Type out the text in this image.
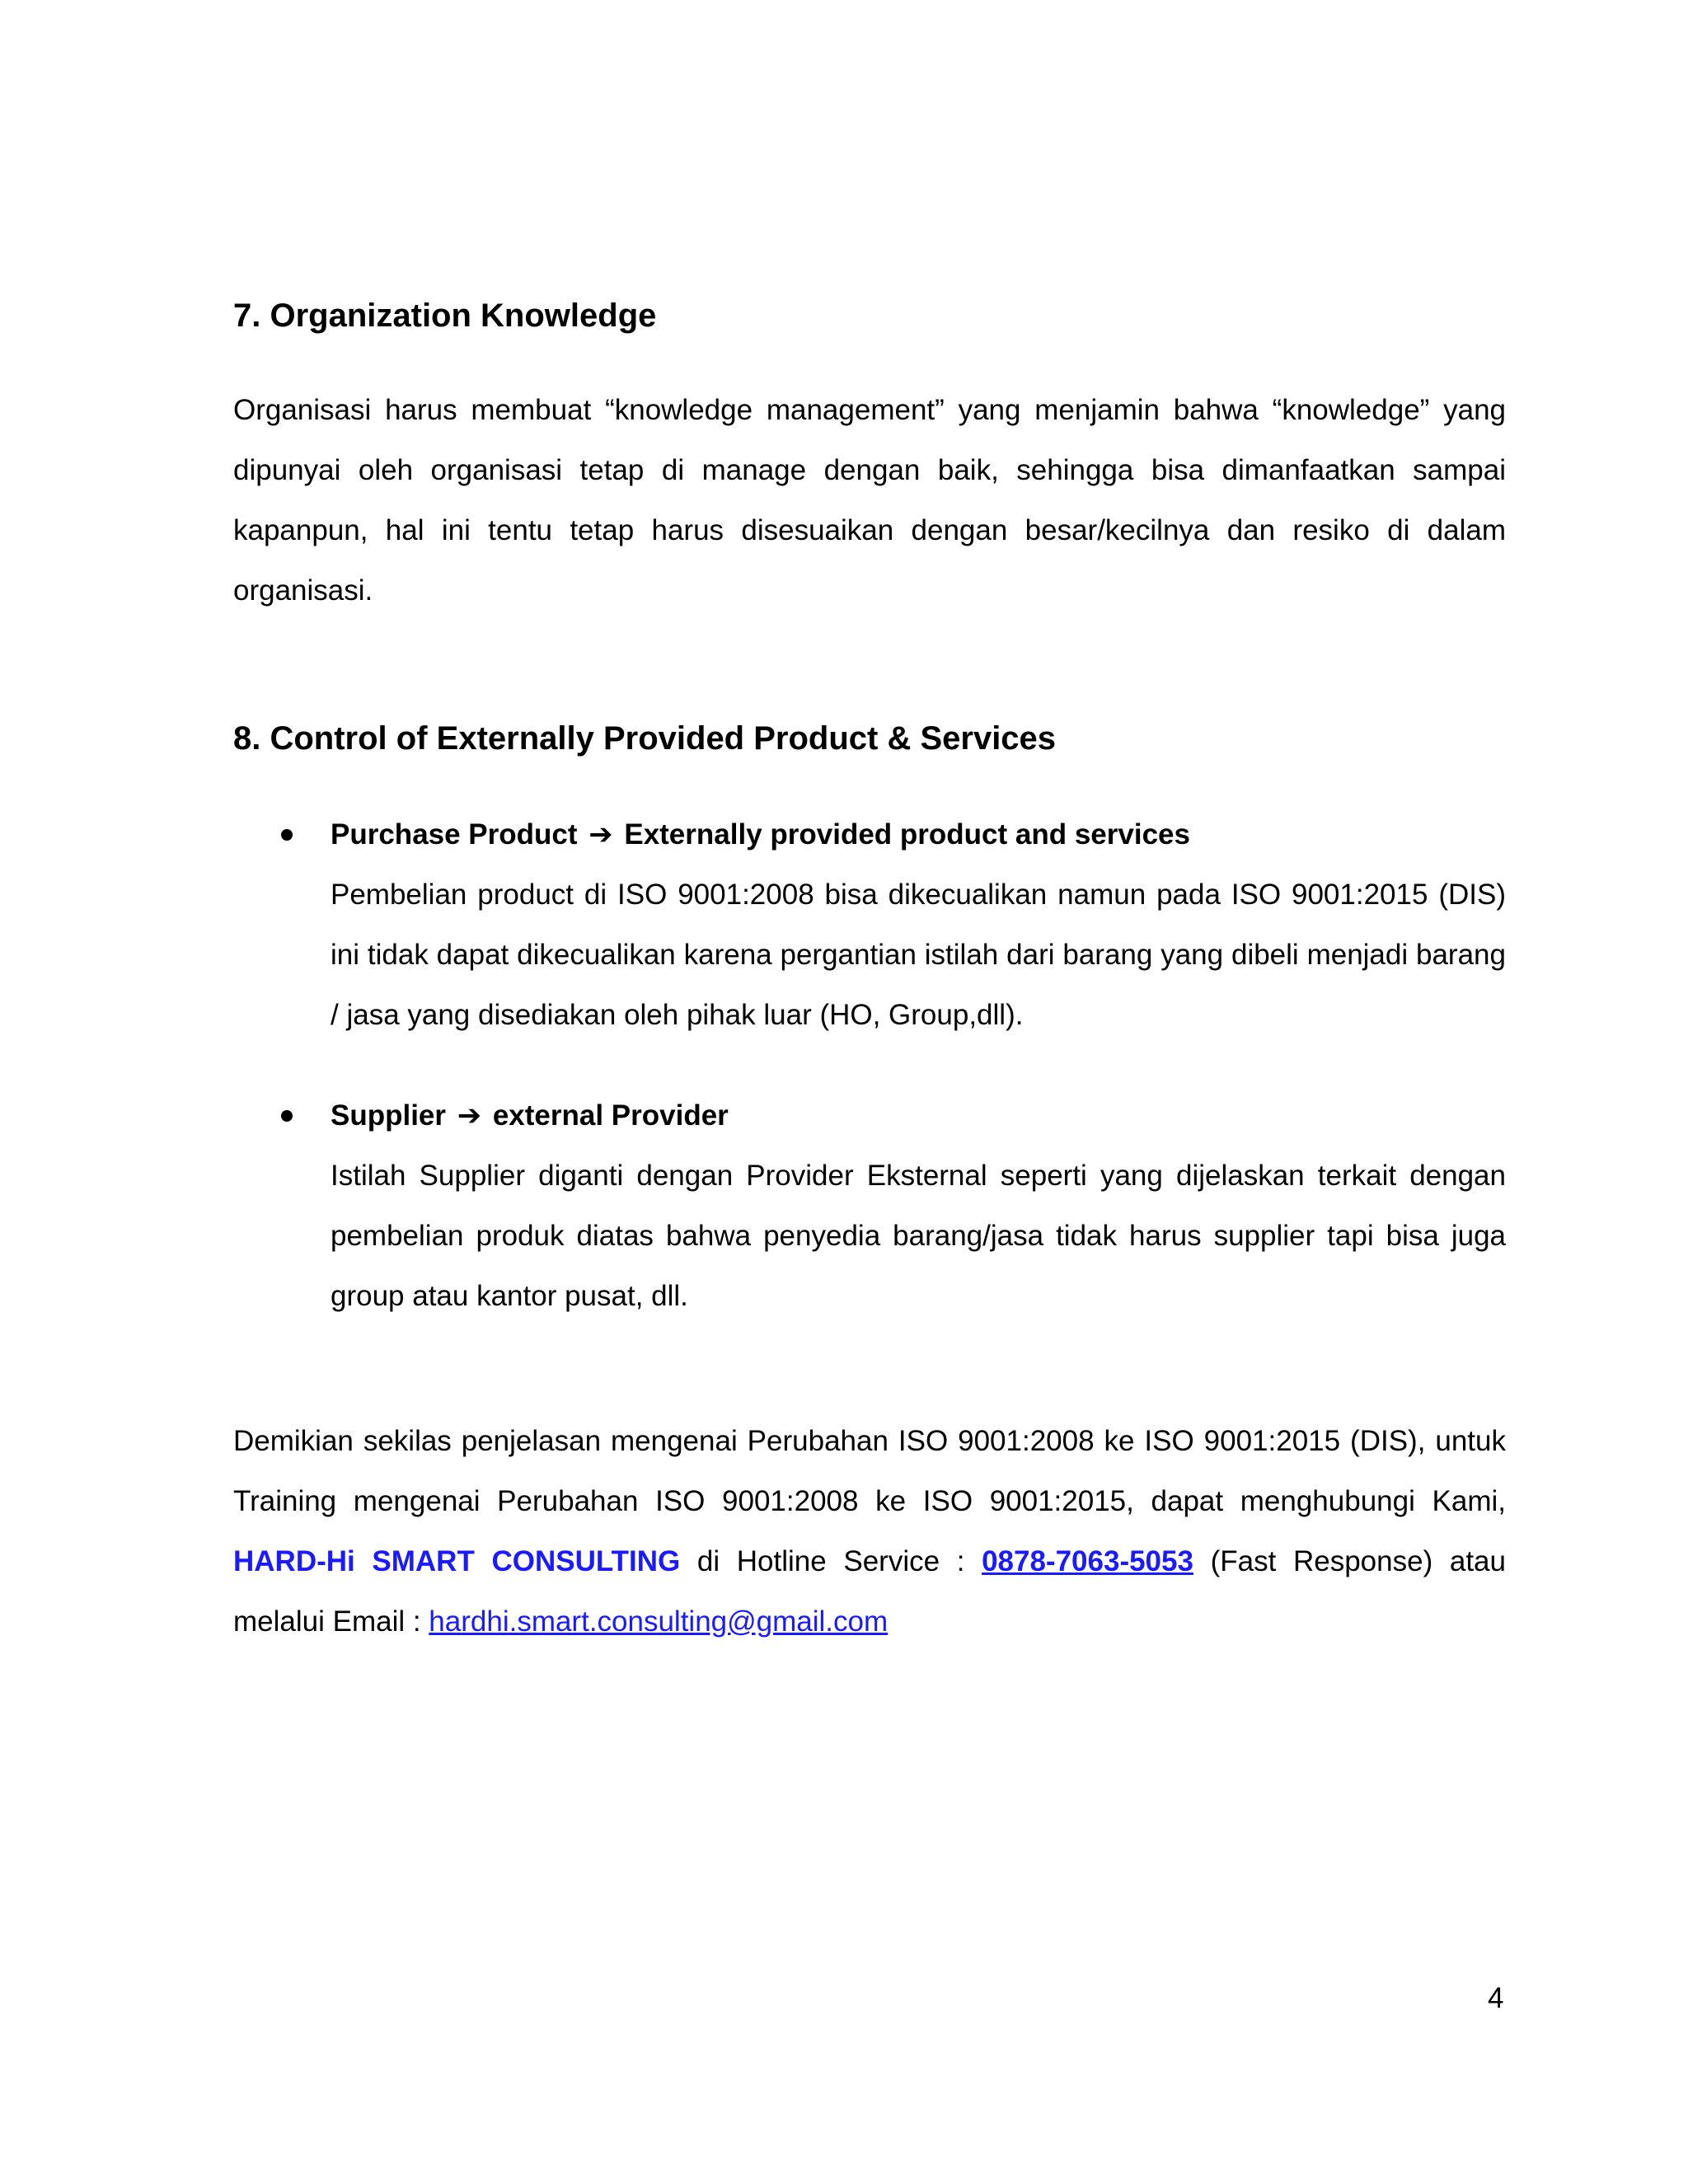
7. Organization Knowledge

Organisasi harus membuat “knowledge management” yang menjamin bahwa “knowledge” yang dipunyai oleh organisasi tetap di manage dengan baik, sehingga bisa dimanfaatkan sampai kapanpun, hal ini tentu tetap harus disesuaikan dengan besar/kecilnya dan resiko di dalam organisasi.

8. Control of Externally Provided Product & Services

Purchase Product ➔ Externally provided product and services

Pembelian product di ISO 9001:2008 bisa dikecualikan namun pada ISO 9001:2015 (DIS) ini tidak dapat dikecualikan karena pergantian istilah dari barang yang dibeli menjadi barang / jasa yang disediakan oleh pihak luar (HO, Group,dll).

Supplier ➔ external Provider

Istilah Supplier diganti dengan Provider Eksternal seperti yang dijelaskan terkait dengan pembelian produk diatas bahwa penyedia barang/jasa tidak harus supplier tapi bisa juga group atau kantor pusat, dll.

Demikian sekilas penjelasan mengenai Perubahan ISO 9001:2008 ke ISO 9001:2015 (DIS), untuk Training mengenai Perubahan ISO 9001:2008 ke ISO 9001:2015, dapat menghubungi Kami, HARD-Hi SMART CONSULTING di Hotline Service : 0878-7063-5053 (Fast Response) atau melalui Email : hardhi.smart.consulting@gmail.com

4
